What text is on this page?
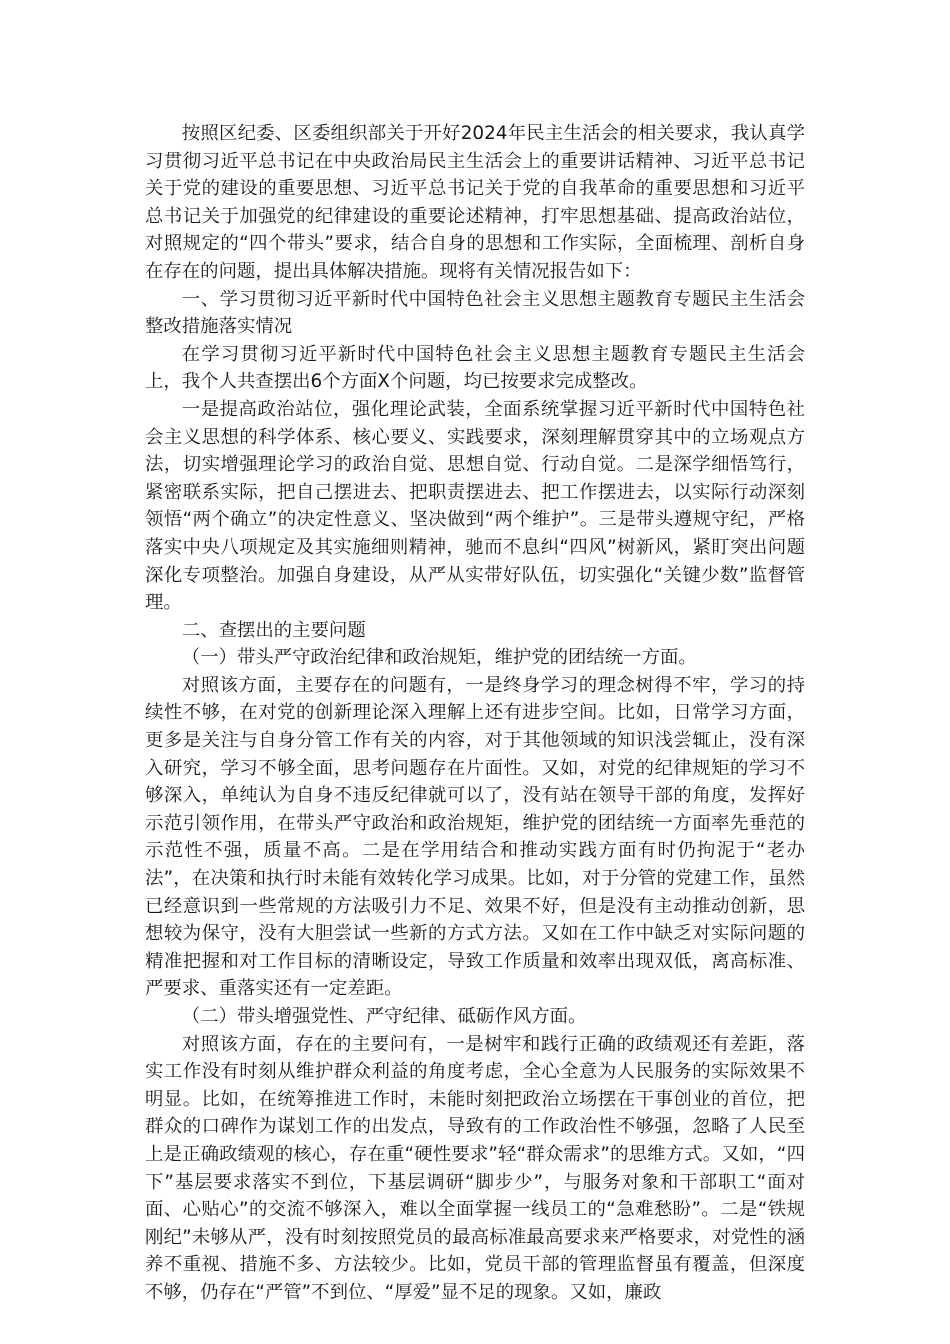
按照区纪委、区委组织部关于开好2024年民主生活会的相关要求，我认真学习贯彻习近平总书记在中央政治局民主生活会上的重要讲话精神、习近平总书记关于党的建设的重要思想、习近平总书记关于党的自我革命的重要思想和习近平总书记关于加强党的纪律建设的重要论述精神，打牢思想基础、提高政治站位，对照规定的“四个带头”要求，结合自身的思想和工作实际，全面梳理、剖析自身在存在的问题，提出具体解决措施。现将有关情况报告如下：

一、学习贯彻习近平新时代中国特色社会主义思想主题教育专题民主生活会整改措施落实情况

在学习贯彻习近平新时代中国特色社会主义思想主题教育专题民主生活会上，我个人共查摆出6个方面X个问题，均已按要求完成整改。

一是提高政治站位，强化理论武装，全面系统掌握习近平新时代中国特色社会主义思想的科学体系、核心要义、实践要求，深刻理解贯穿其中的立场观点方法，切实增强理论学习的政治自觉、思想自觉、行动自觉。二是深学细悟笃行，紧密联系实际，把自己摆进去、把职责摆进去、把工作摆进去，以实际行动深刻领悟“两个确立”的决定性意义、坚决做到“两个维护”。三是带头遵规守纪，严格落实中央八项规定及其实施细则精神，驰而不息纠“四风”树新风，紧盯突出问题深化专项整治。加强自身建设，从严从实带好队伍，切实强化“关键少数”监督管理。

二、查摆出的主要问题

（一）带头严守政治纪律和政治规矩，维护党的团结统一方面。

对照该方面，主要存在的问题有，一是终身学习的理念树得不牢，学习的持续性不够，在对党的创新理论深入理解上还有进步空间。比如，日常学习方面，更多是关注与自身分管工作有关的内容，对于其他领域的知识浅尝辄止，没有深入研究，学习不够全面，思考问题存在片面性。又如，对党的纪律规矩的学习不够深入，单纯认为自身不违反纪律就可以了，没有站在领导干部的角度，发挥好示范引领作用，在带头严守政治和政治规矩，维护党的团结统一方面率先垂范的示范性不强，质量不高。二是在学用结合和推动实践方面有时仍拘泥于“老办法”，在决策和执行时未能有效转化学习成果。比如，对于分管的党建工作，虽然已经意识到一些常规的方法吸引力不足、效果不好，但是没有主动推动创新，思想较为保守，没有大胆尝试一些新的方式方法。又如在工作中缺乏对实际问题的精准把握和对工作目标的清晰设定，导致工作质量和效率出现双低，离高标准、严要求、重落实还有一定差距。

（二）带头增强党性、严守纪律、砥砺作风方面。

对照该方面，存在的主要问有，一是树牢和践行正确的政绩观还有差距，落实工作没有时刻从维护群众利益的角度考虑，全心全意为人民服务的实际效果不明显。比如，在统筹推进工作时，未能时刻把政治立场摆在干事创业的首位，把群众的口碑作为谋划工作的出发点，导致有的工作政治性不够强，忽略了人民至上是正确政绩观的核心，存在重“硬性要求”轻“群众需求”的思维方式。又如，“四下”基层要求落实不到位，下基层调研“脚步少”，与服务对象和干部职工“面对面、心贴心”的交流不够深入，难以全面掌握一线员工的“急难愁盼”。二是“铁规刚纪”未够从严，没有时刻按照党员的最高标准最高要求来严格要求，对党性的涵养不重视、措施不多、方法较少。比如，党员干部的管理监督虽有覆盖，但深度不够，仍存在“严管”不到位、“厚爱”显不足的现象。又如，廉政
